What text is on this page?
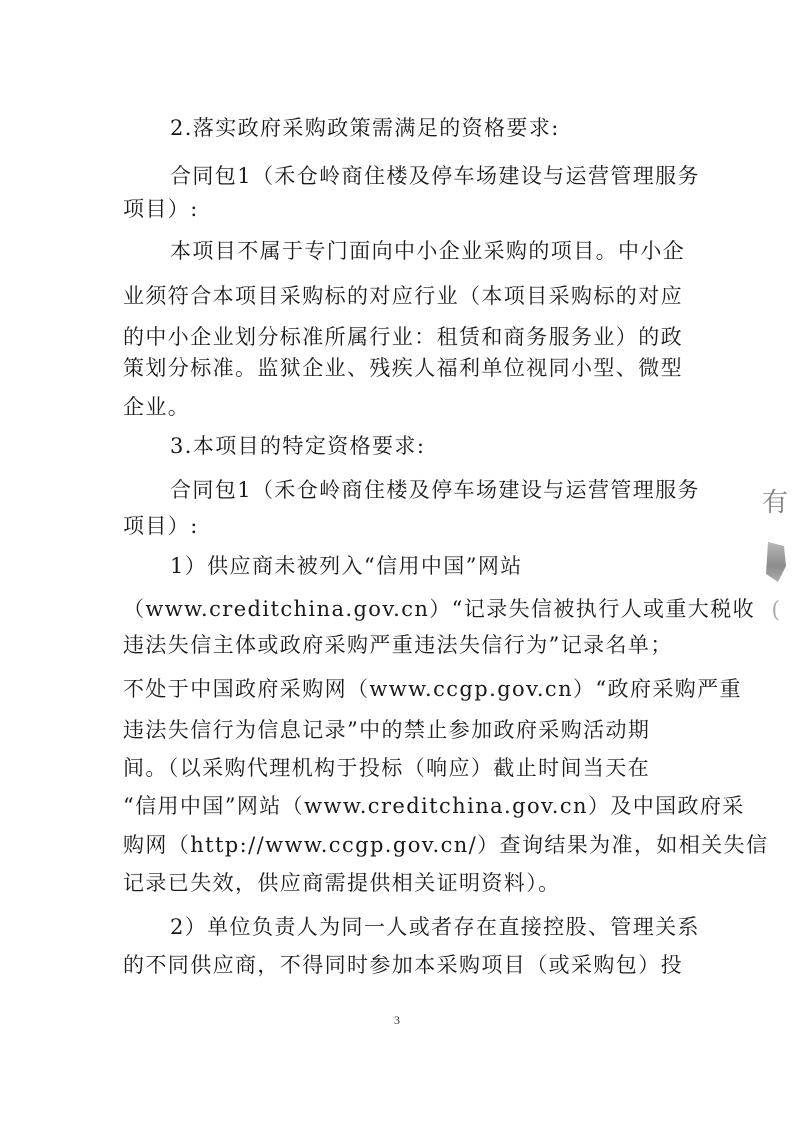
2.落实政府采购政策需满足的资格要求:
合同包1（禾仓岭商住楼及停车场建设与运营管理服务
项目）:
本项目不属于专门面向中小企业采购的项目。中小企
业须符合本项目采购标的对应行业（本项目采购标的对应
的中小企业划分标准所属行业：租赁和商务服务业）的政
策划分标准。监狱企业、残疾人福利单位视同小型、微型
企业。
3.本项目的特定资格要求:
合同包1（禾仓岭商住楼及停车场建设与运营管理服务
项目）:
1）供应商未被列入“信用中国”网站
（www.creditchina.gov.cn）“记录失信被执行人或重大税收
违法失信主体或政府采购严重违法失信行为”记录名单；
不处于中国政府采购网（www.ccgp.gov.cn）“政府采购严重
违法失信行为信息记录”中的禁止参加政府采购活动期
间。（以采购代理机构于投标（响应）截止时间当天在
“信用中国”网站（www.creditchina.gov.cn）及中国政府采
购网（http://www.ccgp.gov.cn/）查询结果为准，如相关失信
记录已失效，供应商需提供相关证明资料）。
2）单位负责人为同一人或者存在直接控股、管理关系
的不同供应商，不得同时参加本采购项目（或采购包）投
3
有
(
